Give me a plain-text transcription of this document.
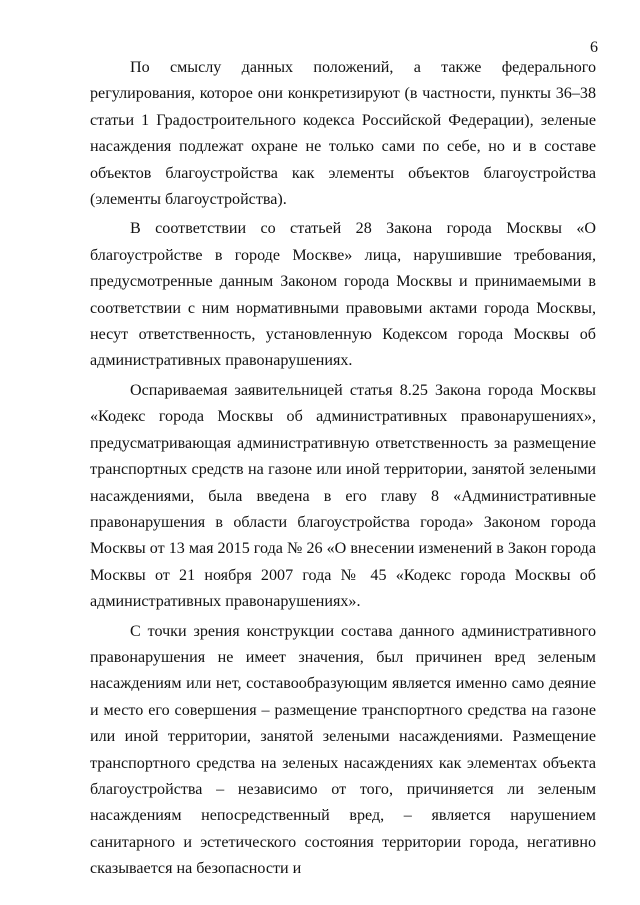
6

По смыслу данных положений, а также федерального регулирования, которое они конкретизируют (в частности, пункты 36–38 статьи 1 Градостроительного кодекса Российской Федерации), зеленые насаждения подлежат охране не только сами по себе, но и в составе объектов благоустройства как элементы объектов благоустройства (элементы благоустройства).

В соответствии со статьей 28 Закона города Москвы «О благоустройстве в городе Москве» лица, нарушившие требования, предусмотренные данным Законом города Москвы и принимаемыми в соответствии с ним нормативными правовыми актами города Москвы, несут ответственность, установленную Кодексом города Москвы об административных правонарушениях.

Оспариваемая заявительницей статья 8.25 Закона города Москвы «Кодекс города Москвы об административных правонарушениях», предусматривающая административную ответственность за размещение транспортных средств на газоне или иной территории, занятой зелеными насаждениями, была введена в его главу 8 «Административные правонарушения в области благоустройства города» Законом города Москвы от 13 мая 2015 года № 26 «О внесении изменений в Закон города Москвы от 21 ноября 2007 года № 45 «Кодекс города Москвы об административных правонарушениях».

С точки зрения конструкции состава данного административного правонарушения не имеет значения, был причинен вред зеленым насаждениям или нет, составообразующим является именно само деяние и место его совершения – размещение транспортного средства на газоне или иной территории, занятой зелеными насаждениями. Размещение транспортного средства на зеленых насаждениях как элементах объекта благоустройства – независимо от того, причиняется ли зеленым насаждениям непосредственный вред, – является нарушением санитарного и эстетического состояния территории города, негативно сказывается на безопасности и
